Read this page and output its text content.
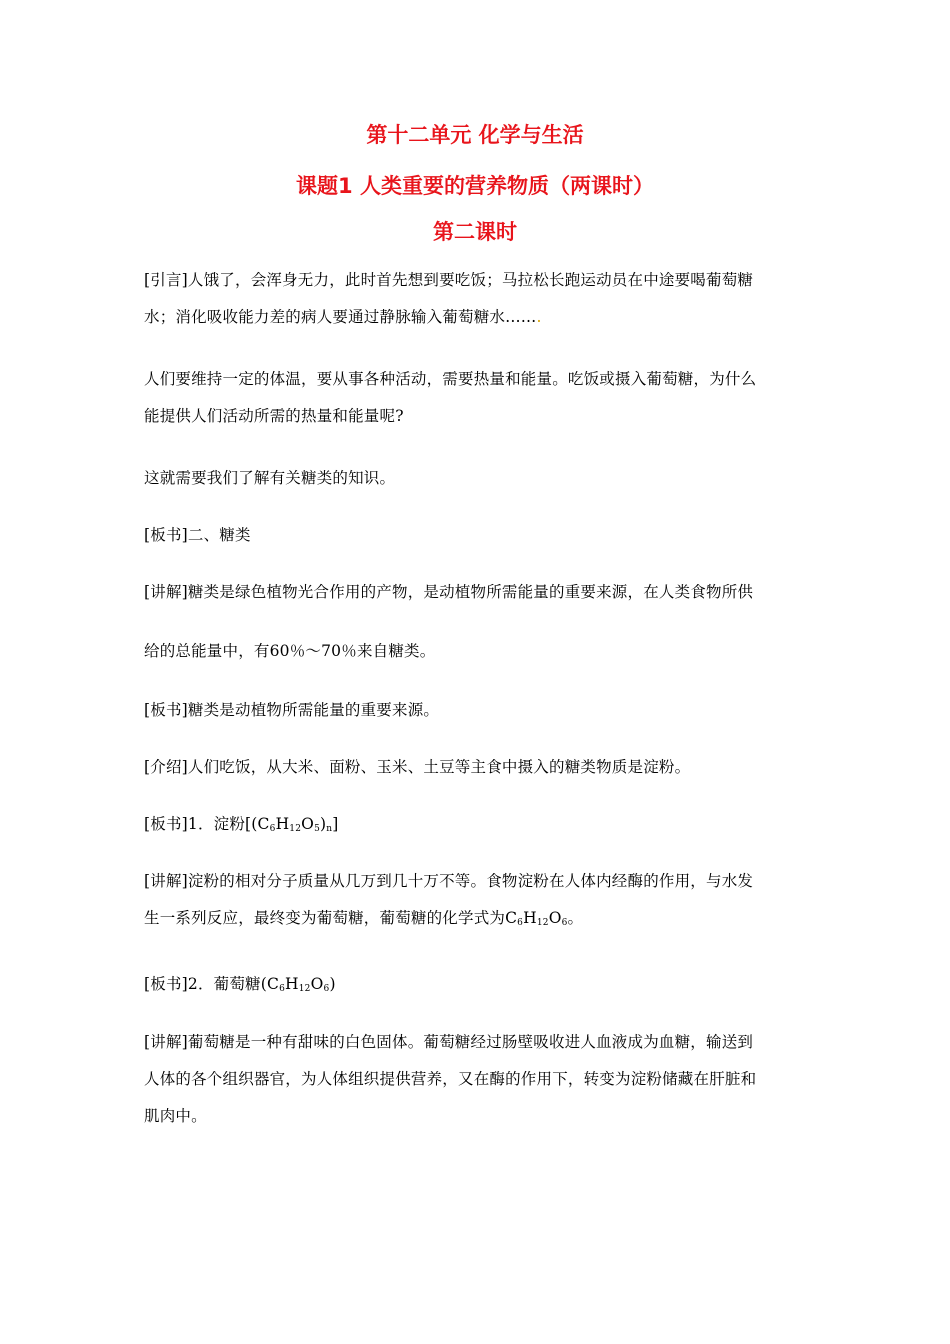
第十二单元 化学与生活
课题1 人类重要的营养物质（两课时）
第二课时
[引言]人饿了，会浑身无力，此时首先想到要吃饭；马拉松长跑运动员在中途要喝葡萄糖
水；消化吸收能力差的病人要通过静脉输入葡萄糖水…….
人们要维持一定的体温，要从事各种活动，需要热量和能量。吃饭或摄入葡萄糖，为什么
能提供人们活动所需的热量和能量呢?
这就需要我们了解有关糖类的知识。
[板书]二、糖类
[讲解]糖类是绿色植物光合作用的产物，是动植物所需能量的重要来源，在人类食物所供
给的总能量中，有60％～70％来自糖类。
[板书]糖类是动植物所需能量的重要来源。
[介绍]人们吃饭，从大米、面粉、玉米、土豆等主食中摄入的糖类物质是淀粉。
[板书]1．淀粉$[(C_6H_{12}O_5)_n]$
[讲解]淀粉的相对分子质量从几万到几十万不等。食物淀粉在人体内经酶的作用，与水发
生一系列反应，最终变为葡萄糖，葡萄糖的化学式为$C_6H_{12}O_6$。
[板书]2．葡萄糖$(C_6H_{12}O_6)$
[讲解]葡萄糖是一种有甜味的白色固体。葡萄糖经过肠壁吸收进人血液成为血糖，输送到
人体的各个组织器官，为人体组织提供营养，又在酶的作用下，转变为淀粉储藏在肝脏和
肌肉中。
